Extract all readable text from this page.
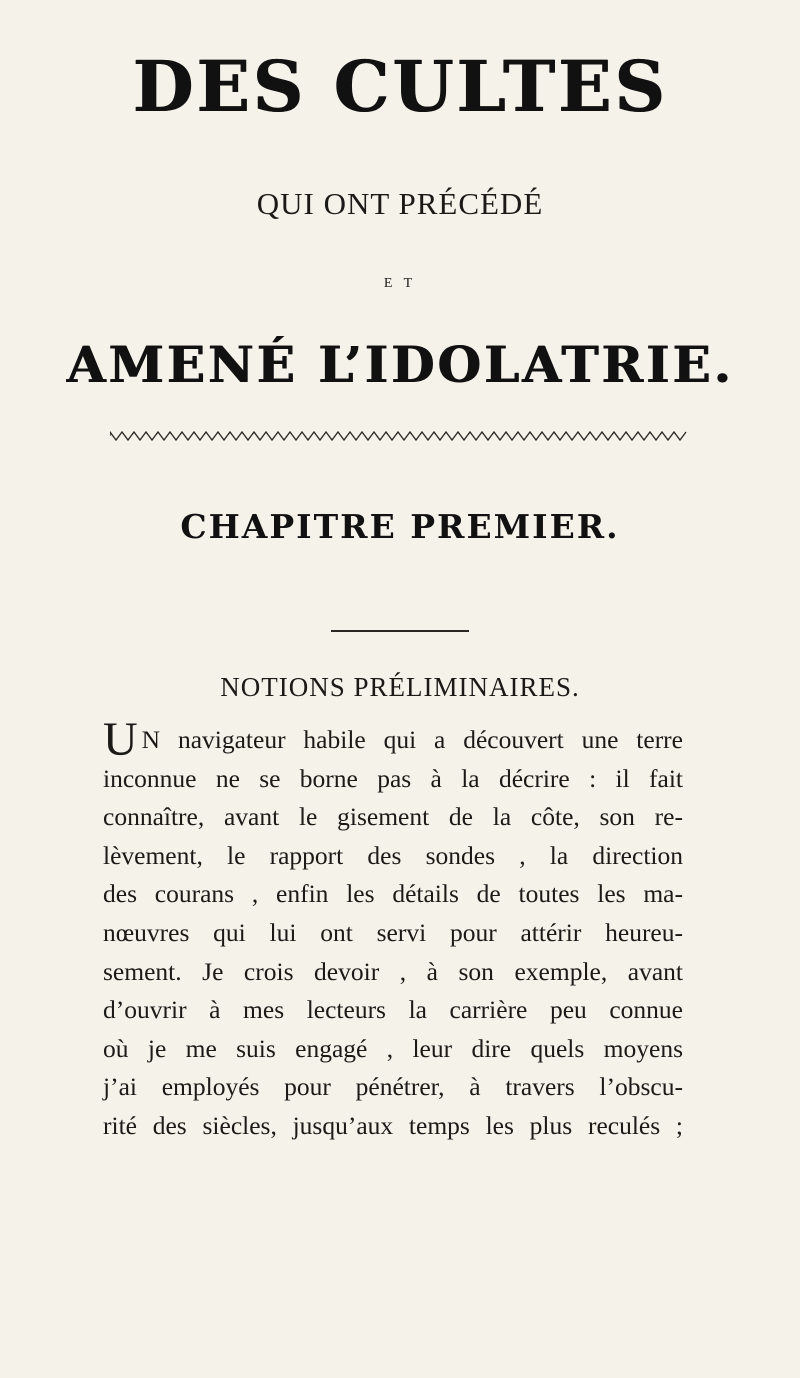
DES CULTES
QUI ONT PRÉCÉDÉ
E T
AMENÉ L’IDOLATRIE.
CHAPITRE PREMIER.
NOTIONS PRÉLIMINAIRES.
U N navigateur habile qui a découvert une terre
inconnue ne se borne pas à la décrire : il fait
connaître, avant le gisement de la côte, son re-
lèvement, le rapport des sondes , la direction
des courans , enfin les détails de toutes les ma-
nœuvres qui lui ont servi pour attérir heureu-
sement. Je crois devoir , à son exemple, avant
d’ouvrir à mes lecteurs la carrière peu connue
où je me suis engagé , leur dire quels moyens
j’ai employés pour pénétrer, à travers l’obscu-
rité des siècles, jusqu’aux temps les plus reculés ;
